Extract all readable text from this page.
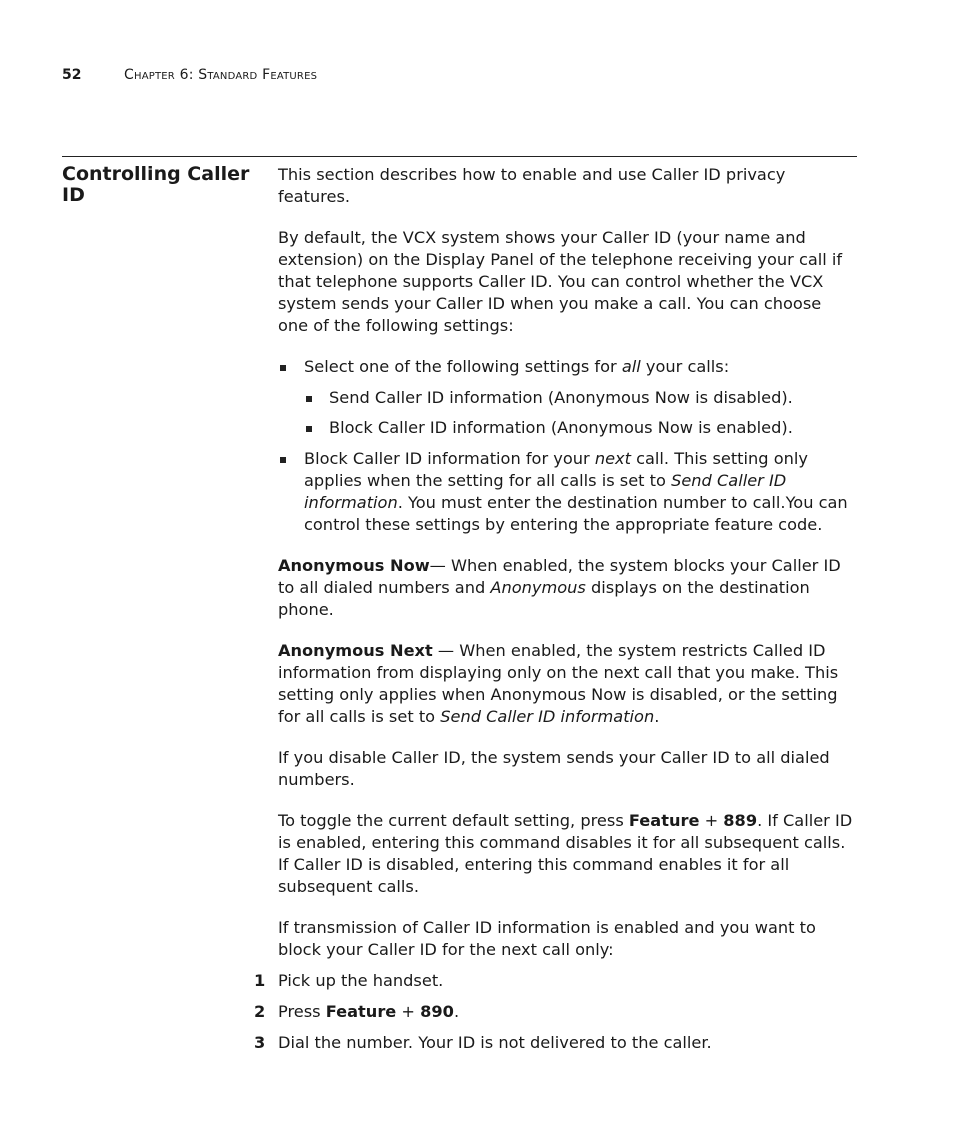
52	Chapter 6: Standard Features
Controlling Caller ID

This section describes how to enable and use Caller ID privacy features.

By default, the VCX system shows your Caller ID (your name and extension) on the Display Panel of the telephone receiving your call if that telephone supports Caller ID. You can control whether the VCX system sends your Caller ID when you make a call. You can choose one of the following settings:

Select one of the following settings for all your calls:
Send Caller ID information (Anonymous Now is disabled).
Block Caller ID information (Anonymous Now is enabled).
Block Caller ID information for your next call. This setting only applies when the setting for all calls is set to Send Caller ID information. You must enter the destination number to call.You can control these settings by entering the appropriate feature code.

Anonymous Now— When enabled, the system blocks your Caller ID to all dialed numbers and Anonymous displays on the destination phone.

Anonymous Next — When enabled, the system restricts Called ID information from displaying only on the next call that you make. This setting only applies when Anonymous Now is disabled, or the setting for all calls is set to Send Caller ID information.

If you disable Caller ID, the system sends your Caller ID to all dialed numbers.

To toggle the current default setting, press Feature + 889. If Caller ID is enabled, entering this command disables it for all subsequent calls. If Caller ID is disabled, entering this command enables it for all subsequent calls.

If transmission of Caller ID information is enabled and you want to block your Caller ID for the next call only:

1 Pick up the handset.
2 Press Feature + 890.
3 Dial the number. Your ID is not delivered to the caller.
